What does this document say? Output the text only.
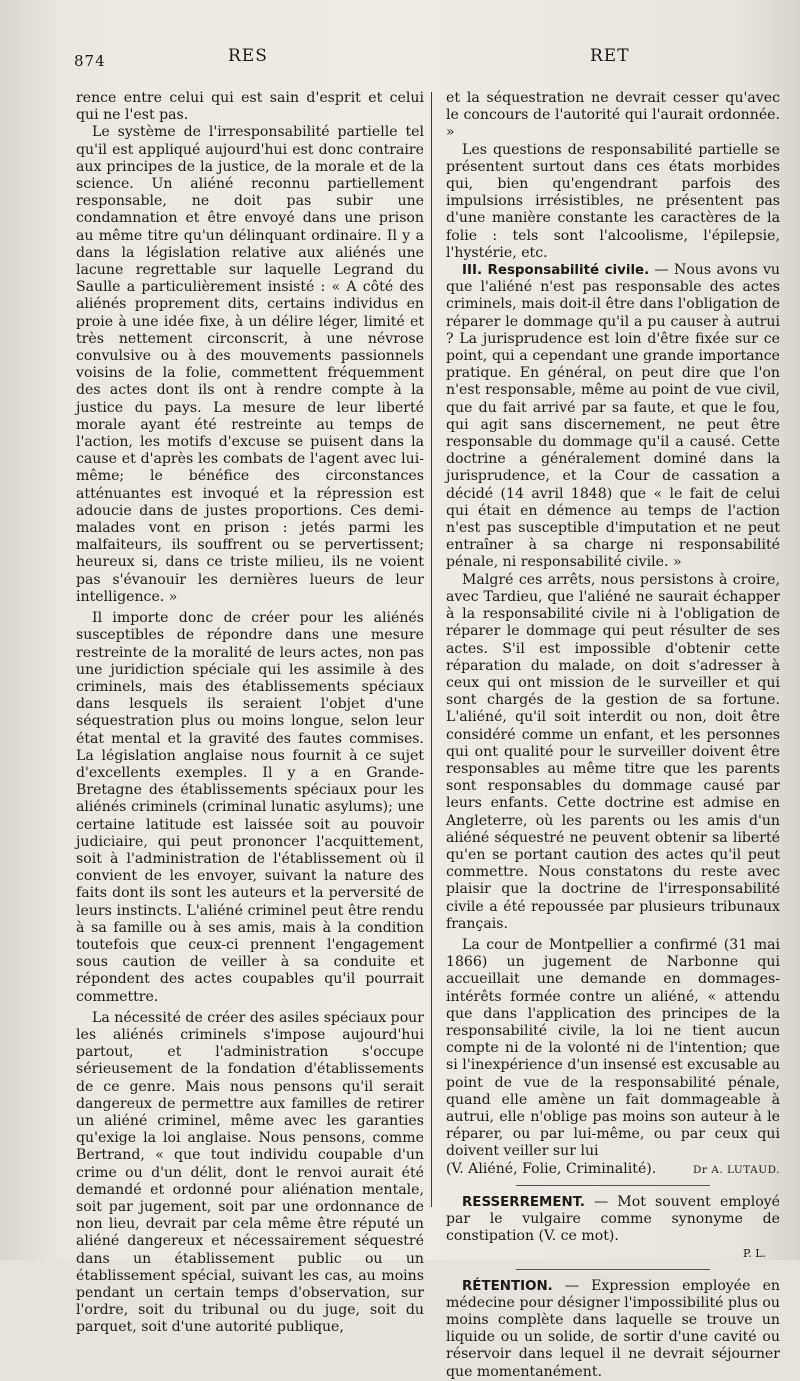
874	RES	RET

rence entre celui qui est sain d'esprit et celui qui ne l'est pas.

Le système de l'irresponsabilité partielle tel qu'il est appliqué aujourd'hui est donc contraire aux principes de la justice, de la morale et de la science. Un aliéné reconnu partiellement responsable, ne doit pas subir une condamnation et être envoyé dans une prison au même titre qu'un délinquant ordinaire. Il y a dans la législation relative aux aliénés une lacune regrettable sur laquelle Legrand du Saulle a particulièrement insisté : « A côté des aliénés proprement dits, certains individus en proie à une idée fixe, à un délire léger, limité et très nettement circonscrit, à une névrose convulsive ou à des mouvements passionnels voisins de la folie, commettent fréquemment des actes dont ils ont à rendre compte à la justice du pays. La mesure de leur liberté morale ayant été restreinte au temps de l'action, les motifs d'excuse se puisent dans la cause et d'après les combats de l'agent avec lui-même; le bénéfice des circonstances atténuantes est invoqué et la répression est adoucie dans de justes proportions. Ces demi-malades vont en prison : jetés parmi les malfaiteurs, ils souffrent ou se pervertissent; heureux si, dans ce triste milieu, ils ne voient pas s'évanouir les dernières lueurs de leur intelligence. »

Il importe donc de créer pour les aliénés susceptibles de répondre dans une mesure restreinte de la moralité de leurs actes, non pas une juridiction spéciale qui les assimile à des criminels, mais des établissements spéciaux dans lesquels ils seraient l'objet d'une séquestration plus ou moins longue, selon leur état mental et la gravité des fautes commises. La législation anglaise nous fournit à ce sujet d'excellents exemples. Il y a en Grande-Bretagne des établissements spéciaux pour les aliénés criminels (criminal lunatic asylums); une certaine latitude est laissée soit au pouvoir judiciaire, qui peut prononcer l'acquittement, soit à l'administration de l'établissement où il convient de les envoyer, suivant la nature des faits dont ils sont les auteurs et la perversité de leurs instincts. L'aliéné criminel peut être rendu à sa famille ou à ses amis, mais à la condition toutefois que ceux-ci prennent l'engagement sous caution de veiller à sa conduite et répondent des actes coupables qu'il pourrait commettre.

La nécessité de créer des asiles spéciaux pour les aliénés criminels s'impose aujourd'hui partout, et l'administration s'occupe sérieusement de la fondation d'établissements de ce genre. Mais nous pensons qu'il serait dangereux de permettre aux familles de retirer un aliéné criminel, même avec les garanties qu'exige la loi anglaise. Nous pensons, comme Bertrand, « que tout individu coupable d'un crime ou d'un délit, dont le renvoi aurait été demandé et ordonné pour aliénation mentale, soit par jugement, soit par une ordonnance de non lieu, devrait par cela même être réputé un aliéné dangereux et nécessairement séquestré dans un établissement public ou un établissement spécial, suivant les cas, au moins pendant un certain temps d'observation, sur l'ordre, soit du tribunal ou du juge, soit du parquet, soit d'une autorité publique,

et la séquestration ne devrait cesser qu'avec le concours de l'autorité qui l'aurait ordonnée. »

Les questions de responsabilité partielle se présentent surtout dans ces états morbides qui, bien qu'engendrant parfois des impulsions irrésistibles, ne présentent pas d'une manière constante les caractères de la folie : tels sont l'alcoolisme, l'épilepsie, l'hystérie, etc.

III. Responsabilité civile. — Nous avons vu que l'aliéné n'est pas responsable des actes criminels, mais doit-il être dans l'obligation de réparer le dommage qu'il a pu causer à autrui ? La jurisprudence est loin d'être fixée sur ce point, qui a cependant une grande importance pratique. En général, on peut dire que l'on n'est responsable, même au point de vue civil, que du fait arrivé par sa faute, et que le fou, qui agit sans discernement, ne peut être responsable du dommage qu'il a causé. Cette doctrine a généralement dominé dans la jurisprudence, et la Cour de cassation a décidé (14 avril 1848) que « le fait de celui qui était en démence au temps de l'action n'est pas susceptible d'imputation et ne peut entraîner à sa charge ni responsabilité pénale, ni responsabilité civile. »

Malgré ces arrêts, nous persistons à croire, avec Tardieu, que l'aliéné ne saurait échapper à la responsabilité civile ni à l'obligation de réparer le dommage qui peut résulter de ses actes. S'il est impossible d'obtenir cette réparation du malade, on doit s'adresser à ceux qui ont mission de le surveiller et qui sont chargés de la gestion de sa fortune. L'aliéné, qu'il soit interdit ou non, doit être considéré comme un enfant, et les personnes qui ont qualité pour le surveiller doivent être responsables au même titre que les parents sont responsables du dommage causé par leurs enfants. Cette doctrine est admise en Angleterre, où les parents ou les amis d'un aliéné séquestré ne peuvent obtenir sa liberté qu'en se portant caution des actes qu'il peut commettre. Nous constatons du reste avec plaisir que la doctrine de l'irresponsabilité civile a été repoussée par plusieurs tribunaux français.

La cour de Montpellier a confirmé (31 mai 1866) un jugement de Narbonne qui accueillait une demande en dommages-intérêts formée contre un aliéné, « attendu que dans l'application des principes de la responsabilité civile, la loi ne tient aucun compte ni de la volonté ni de l'intention; que si l'inexpérience d'un insensé est excusable au point de vue de la responsabilité pénale, quand elle amène un fait dommageable à autrui, elle n'oblige pas moins son auteur à le réparer, ou par lui-même, ou par ceux qui doivent veiller sur lui

(V. Aliéné, Folie, Criminalité).	Dr A. LUTAUD.

RESSERREMENT. — Mot souvent employé par le vulgaire comme synonyme de constipation (V. ce mot).

P. L.

RÉTENTION. — Expression employée en médecine pour désigner l'impossibilité plus ou moins complète dans laquelle se trouve un liquide ou un solide, de sortir d'une cavité ou réservoir dans lequel il ne devrait séjourner que momentanément.
